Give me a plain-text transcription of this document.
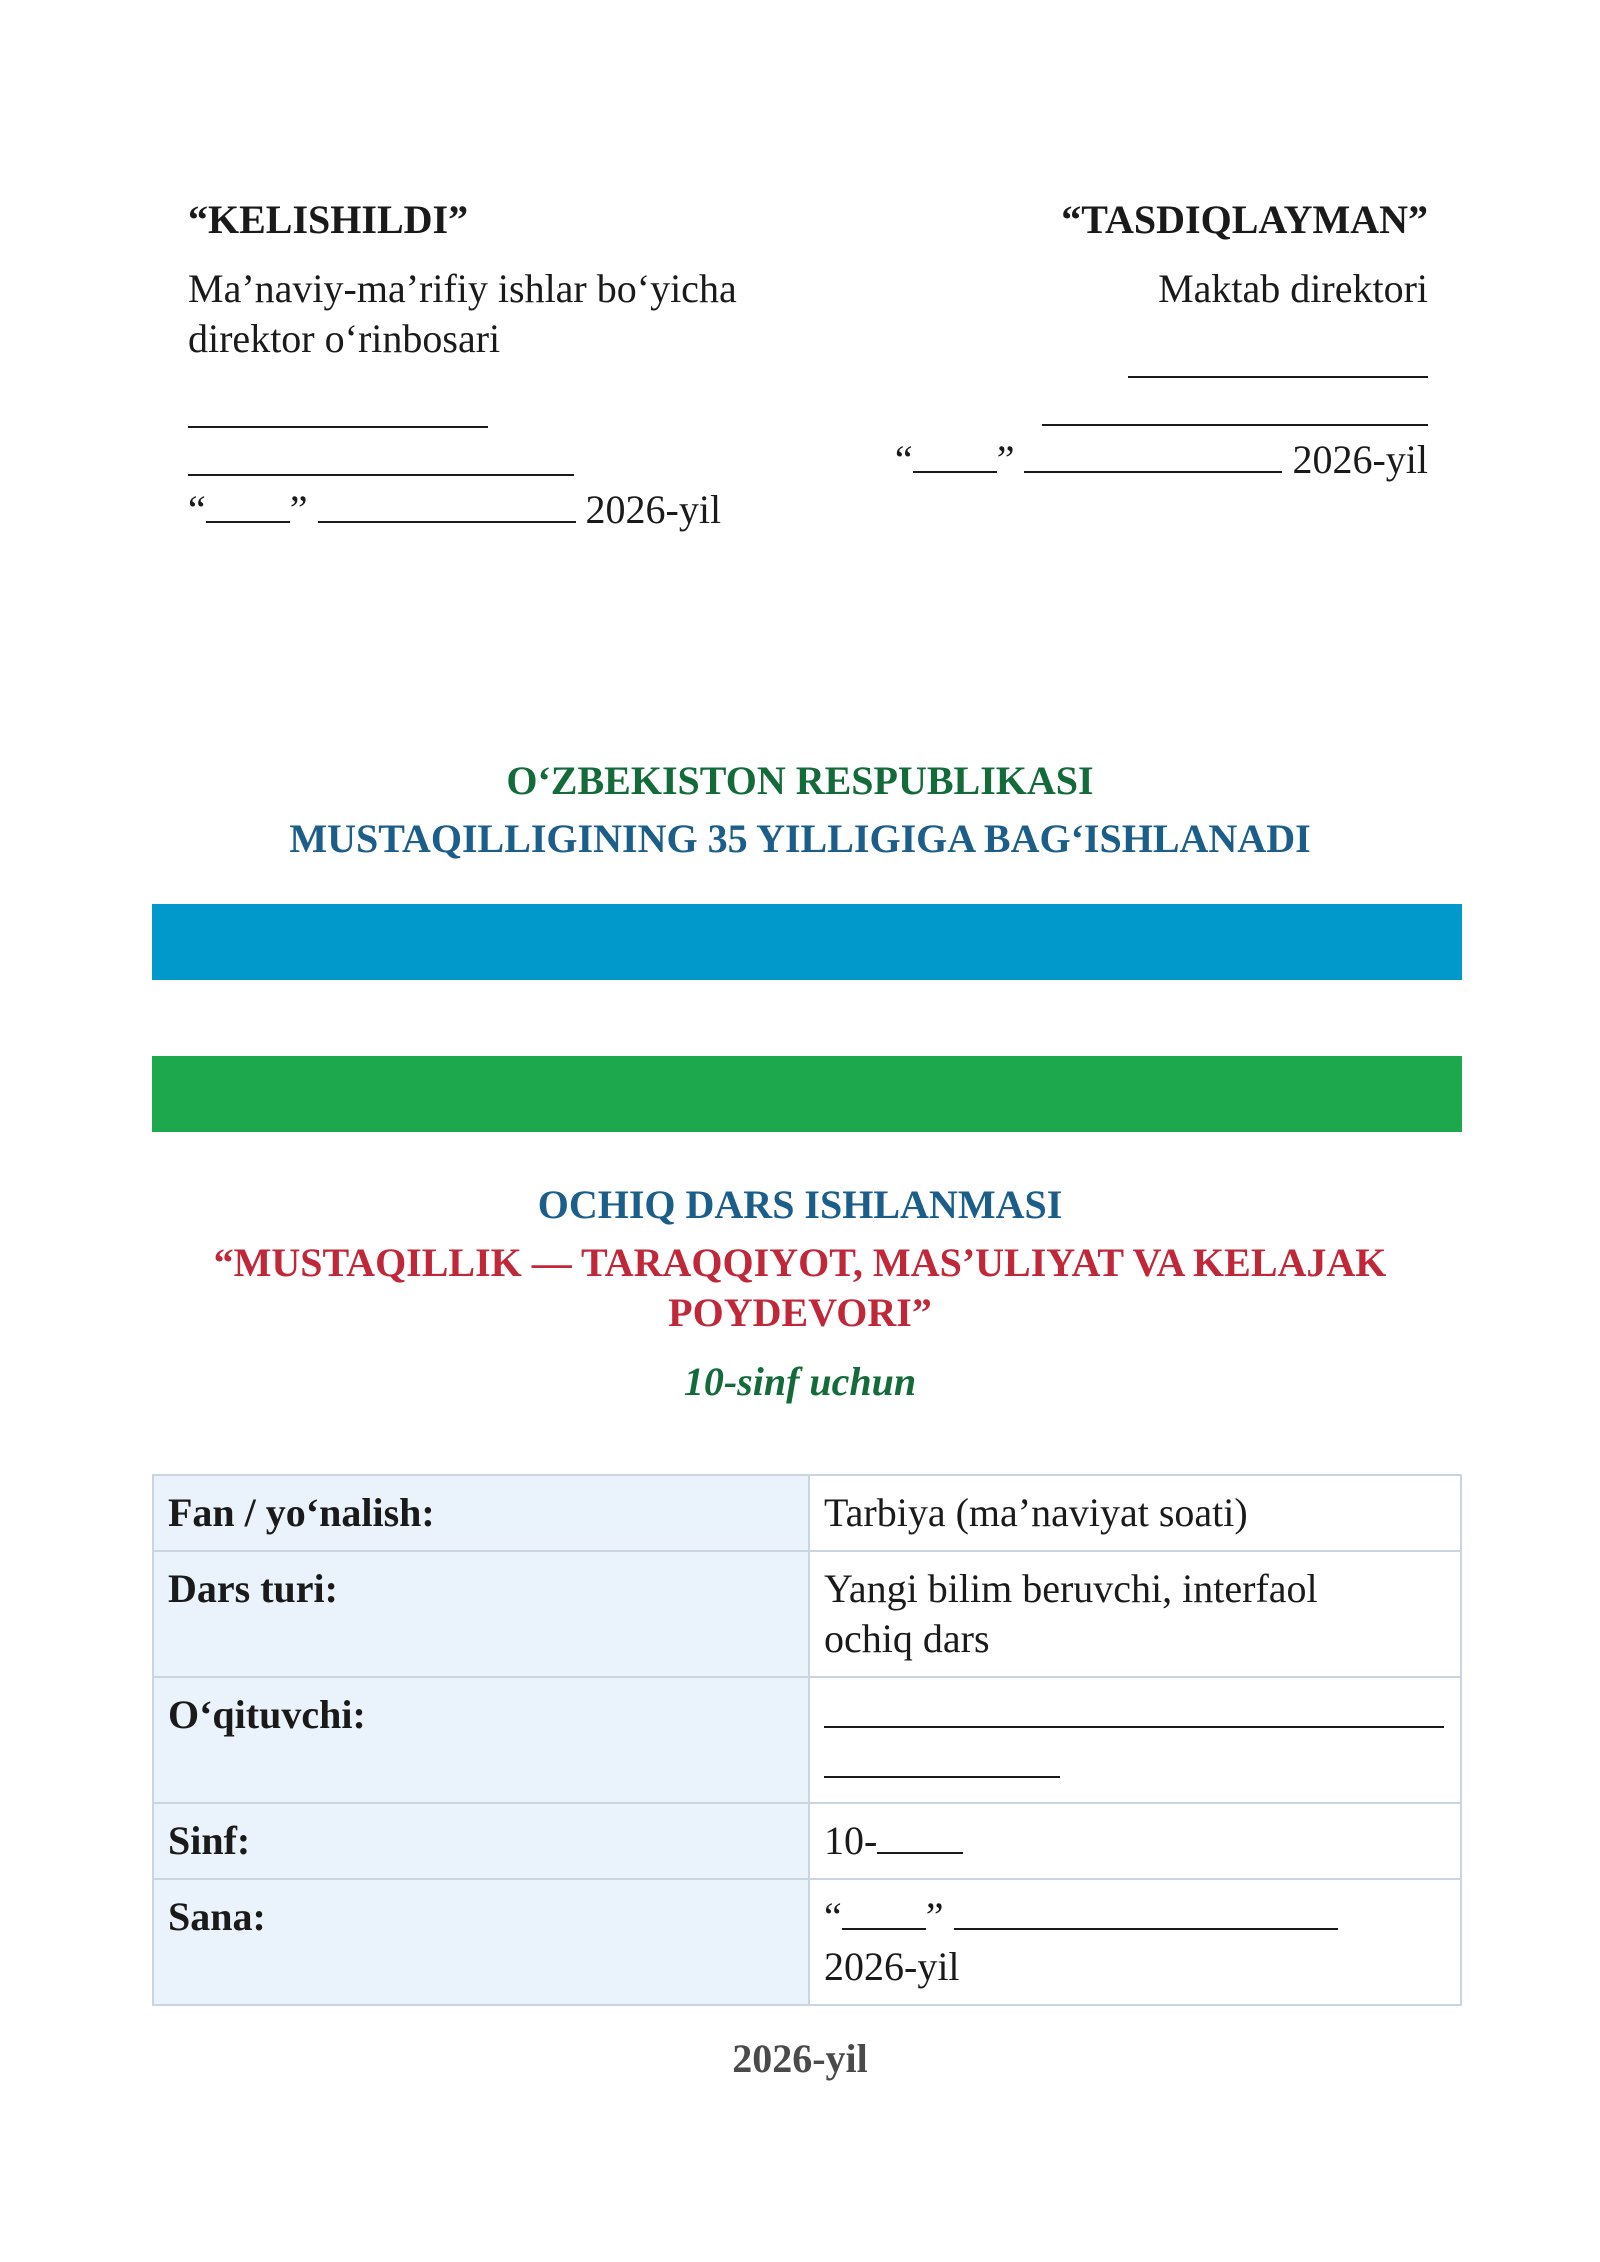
“KELISHILDI”
Ma’naviy-ma’rifiy ishlar bo‘yicha
direktor o‘rinbosari
“ ”	2026-yil
“TASDIQLAYMAN”
Maktab direktori
“ ”	2026-yil
O‘ZBEKISTON RESPUBLIKASI
MUSTAQILLIGINING 35 YILLIGIGA BAG‘ISHLANADI
OCHIQ DARS ISHLANMASI
“MUSTAQILLIK — TARAQQIYOT, MAS’ULIYAT VA KELAJAK
POYDEVORI”
10-sinf uchun
Fan / yo‘nalish:	Tarbiya (ma’naviyat soati)
Dars turi:	Yangi bilim beruvchi, interfaol
ochiq dars

O‘qituvchi:	

Sinf:	10-
Sana:	“ ”
2026-yil
2026-yil
